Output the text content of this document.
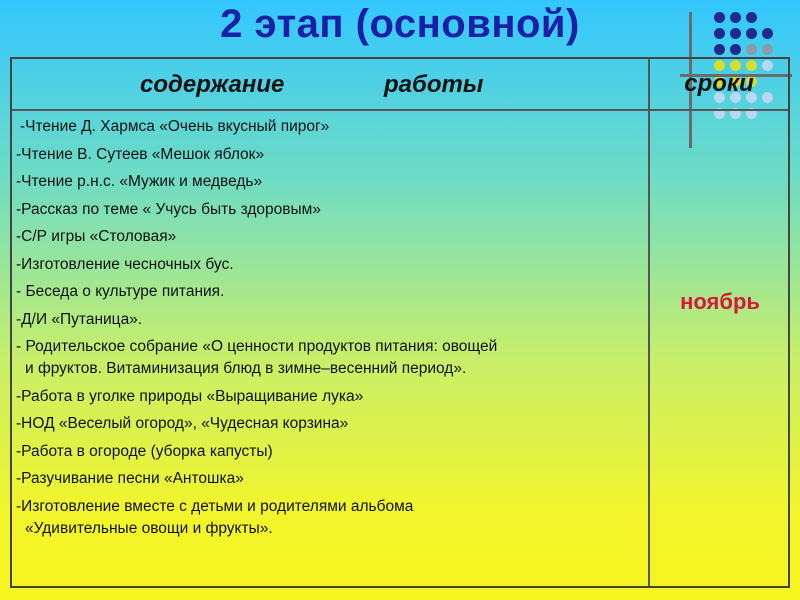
2 этап (основной)
содержание	работы	сроки
-Чтение Д. Хармса «Очень вкусный пирог»
-Чтение В. Сутеев «Мешок яблок»
-Чтение р.н.с. «Мужик и медведь»
-Рассказ по теме « Учусь быть здоровым»
-С/Р игры «Столовая»
-Изготовление чесночных бус.
- Беседа о культуре питания.
-Д/И «Путаница».
- Родительское собрание «О ценности продуктов питания: овощей
и фруктов. Витаминизация блюд в зимне–весенний период».
-Работа в уголке природы «Выращивание лука»
-НОД «Веселый огород», «Чудесная корзина»
-Работа в огороде (уборка капусты)
-Разучивание песни «Антошка»
-Изготовление вместе с детьми и родителями альбома
«Удивительные овощи и фрукты».
ноябрь
